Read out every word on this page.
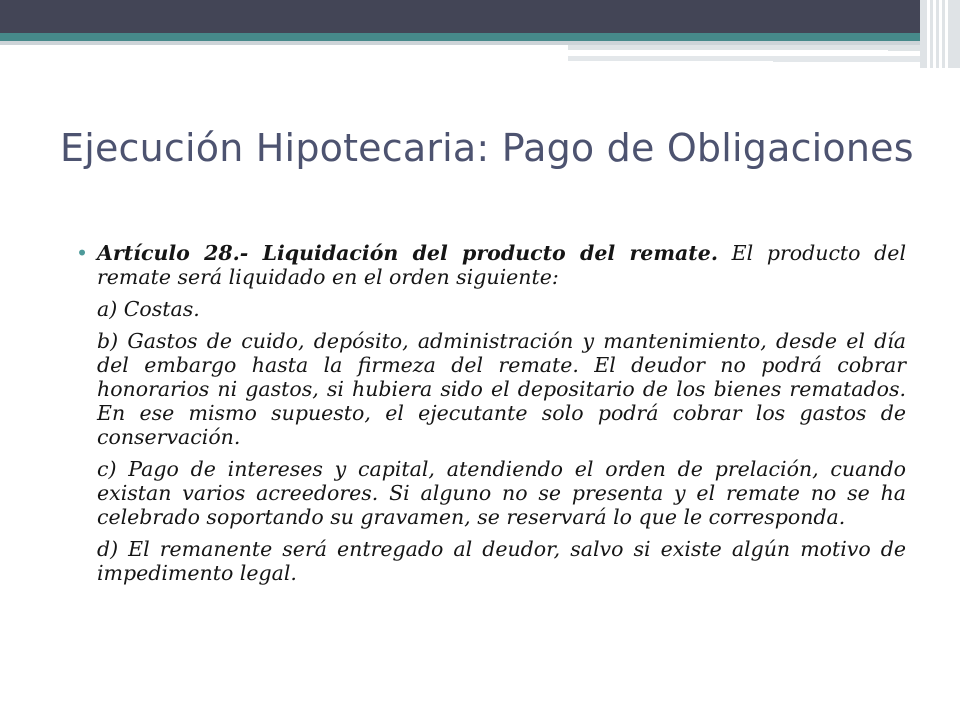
Ejecución Hipotecaria: Pago de Obligaciones
• Artículo 28.- Liquidación del producto del remate. El producto del remate será liquidado en el orden siguiente:

a) Costas.

b) Gastos de cuido, depósito, administración y mantenimiento, desde el día del embargo hasta la firmeza del remate. El deudor no podrá cobrar honorarios ni gastos, si hubiera sido el depositario de los bienes rematados. En ese mismo supuesto, el ejecutante solo podrá cobrar los gastos de conservación.

c) Pago de intereses y capital, atendiendo el orden de prelación, cuando existan varios acreedores. Si alguno no se presenta y el remate no se ha celebrado soportando su gravamen, se reservará lo que le corresponda.

d) El remanente será entregado al deudor, salvo si existe algún motivo de impedimento legal.
